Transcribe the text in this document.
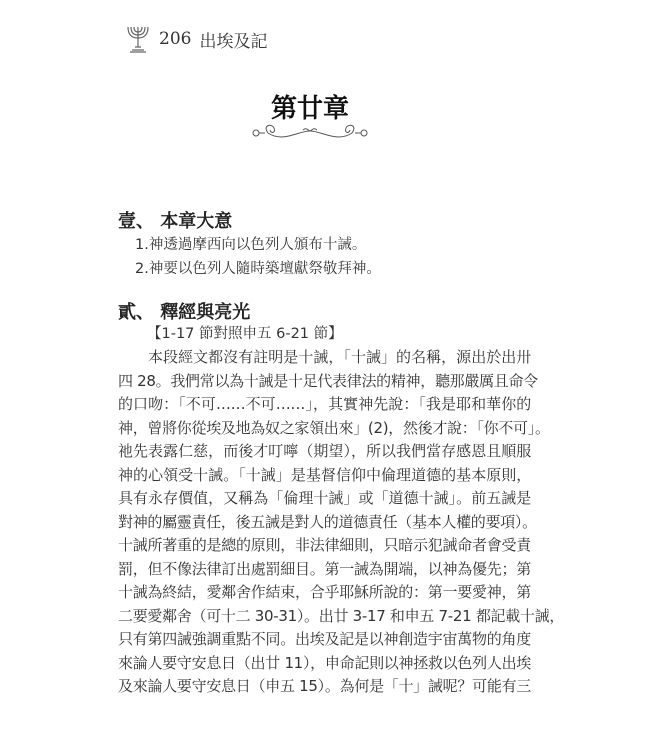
206 出埃及記
第廿章
壹、 本章大意
1.神透過摩西向以色列人頒布十誡。
2.神要以色列人隨時築壇獻祭敬拜神。
貳、 釋經與亮光
【1-17 節對照申五 6-21 節】
本段經文都沒有註明是十誡，「十誡」的名稱，源出於出卅
四 28。我們常以為十誡是十足代表律法的精神，聽那嚴厲且命令
的口吻：「不可……不可……」，其實神先說：「我是耶和華你的
神，曾將你從埃及地為奴之家領出來」(2)，然後才說：「你不可」。
祂先表露仁慈，而後才叮嚀（期望），所以我們當存感恩且順服
神的心領受十誡。「十誡」是基督信仰中倫理道德的基本原則，
具有永存價值，又稱為「倫理十誡」或「道德十誡」。前五誡是
對神的屬靈責任，後五誡是對人的道德責任（基本人權的要項）。
十誡所著重的是總的原則，非法律細則，只暗示犯誡命者會受責
罰，但不像法律訂出處罰細目。第一誡為開端，以神為優先；第
十誡為終結，愛鄰舍作結束，合乎耶穌所說的：第一要愛神，第
二要愛鄰舍（可十二 30-31）。出廿 3-17 和申五 7-21 都記載十誡，
只有第四誡強調重點不同。出埃及記是以神創造宇宙萬物的角度
來論人要守安息日（出廿 11），申命記則以神拯救以色列人出埃
及來論人要守安息日（申五 15）。為何是「十」誡呢？可能有三
